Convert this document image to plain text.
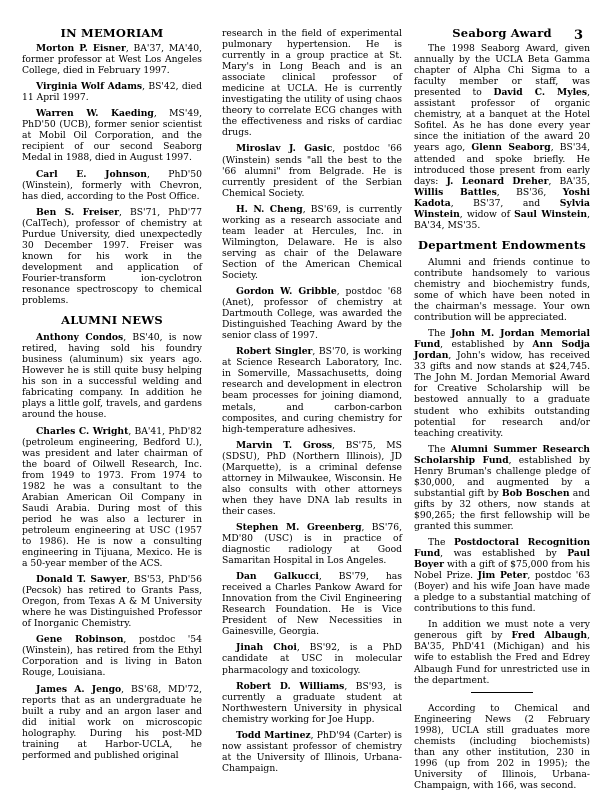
3
IN MEMORIAM

Morton P. Eisner, BA'37, MA'40, former professor at West Los Angeles College, died in February 1997.

Virginia Wolf Adams, BS'42, died 11 April 1997.

Warren W. Kaeding, MS'49, PhD'50 (UCB), former senior scientist at Mobil Oil Corporation, and the recipient of our second Seaborg Medal in 1988, died in August 1997.

Carl E. Johnson, PhD'50 (Winstein), formerly with Chevron, has died, according to the Post Office.

Ben S. Freiser, BS'71, PhD'77 (CalTech), professor of chemistry at Purdue University, died unexpectedly 30 December 1997. Freiser was known for his work in the development and application of Fourier-transform ion-cyclotron resonance spectroscopy to chemical problems.

ALUMNI NEWS

Anthony Condos, BS'40, is now retired, having sold his foundry business (aluminum) six years ago. However he is still quite busy helping his son in a successful welding and fabricating company. In addition he plays a little golf, travels, and gardens around the house.

Charles C. Wright, BA'41, PhD'82 (petroleum engineering, Bedford U.), was president and later chairman of the board of Oilwell Research, Inc. from 1949 to 1973. From 1974 to 1982 he was a consultant to the Arabian American Oil Company in Saudi Arabia. During most of this period he was also a lecturer in petroleum engineering at USC (1957 to 1986). He is now a consulting engineering in Tijuana, Mexico. He is a 50-year member of the ACS.

Donald T. Sawyer, BS'53, PhD'56 (Pecsok) has retired to Grants Pass, Oregon, from Texas A & M University where he was Distinguished Professor of Inorganic Chemistry.

Gene Robinson, postdoc '54 (Winstein), has retired from the Ethyl Corporation and is living in Baton Rouge, Louisiana.

James A. Jengo, BS'68, MD'72, reports that as an undergraduate he built a ruby and an argon laser and did initial work on microscopic holography. During his post-MD training at Harbor-UCLA, he performed and published original

research in the field of experimental pulmonary hypertension. He is currently in a group practice at St. Mary's in Long Beach and is an associate clinical professor of medicine at UCLA. He is currently investigating the utility of using chaos theory to correlate ECG changes with the effectiveness and risks of cardiac drugs.

Miroslav J. Gasic, postdoc '66 (Winstein) sends "all the best to the '66 alumni" from Belgrade. He is currently president of the Serbian Chemical Society.

H. N. Cheng, BS'69, is currently working as a research associate and team leader at Hercules, Inc. in Wilmington, Delaware. He is also serving as chair of the Delaware Section of the American Chemical Society.

Gordon W. Gribble, postdoc '68 (Anet), professor of chemistry at Dartmouth College, was awarded the Distinguished Teaching Award by the senior class of 1997.

Robert Singler, BS'70, is working at Science Research Laboratory, Inc. in Somerville, Massachusetts, doing research and development in electron beam processes for joining diamond, metals, and carbon-carbon composites, and curing chemistry for high-temperature adhesives.

Marvin T. Gross, BS'75, MS (SDSU), PhD (Northern Illinois), JD (Marquette), is a criminal defense attorney in Milwaukee, Wisconsin. He also consults with other attorneys when they have DNA lab results in their cases.

Stephen M. Greenberg, BS'76, MD'80 (USC) is in practice of diagnostic radiology at Good Samaritan Hospital in Los Angeles.

Dan Galkucci, BS'79, has received a Charles Pankow Award for Innovation from the Civil Engineering Research Foundation. He is Vice President of New Necessities in Gainesville, Georgia.

Jinah Choi, BS'92, is a PhD candidate at USC in molecular pharmacology and toxicology.

Robert D. Williams, BS'93, is currently a graduate student at Northwestern University in physical chemistry working for Joe Hupp.

Todd Martinez, PhD'94 (Carter) is now assistant professor of chemistry at the University of Illinois, Urbana-Champaign.

Seaborg Award

The 1998 Seaborg Award, given annually by the UCLA Beta Gamma chapter of Alpha Chi Sigma to a faculty member or staff, was presented to David C. Myles, assistant professor of organic chemistry, at a banquet at the Hotel Sofitel. As he has done every year since the initiation of the award 20 years ago, Glenn Seaborg, BS'34, attended and spoke briefly. He introduced those present from early days: J. Leonard Dreher, BA'35, Willis Battles, BS'36, Yoshi Kadota, BS'37, and Sylvia Winstein, widow of Saul Winstein, BA'34, MS'35.

Department Endowments

Alumni and friends continue to contribute handsomely to various chemistry and biochemistry funds, some of which have been noted in the chairman's message. Your own contribution will be appreciated.

The John M. Jordan Memorial Fund, established by Ann Sodja Jordan, John's widow, has received 33 gifts and now stands at $24,745. The John M. Jordan Memorial Award for Creative Scholarship will be bestowed annually to a graduate student who exhibits outstanding potential for research and/or teaching creativity.

The Alumni Summer Research Scholarship Fund, established by Henry Bruman's challenge pledge of $30,000, and augmented by a substantial gift by Bob Boschen and gifts by 32 others, now stands at $90,265; the first fellowship will be granted this summer.

The Postdoctoral Recognition Fund, was established by Paul Boyer with a gift of $75,000 from his Nobel Prize. Jim Peter, postdoc '63 (Boyer) and his wife Joan have made a pledge to a substantial matching of contributions to this fund.

In addition we must note a very generous gift by Fred Albaugh, BA'35, PhD'41 (Michigan) and his wife to establish the Fred and Edrey Albaugh Fund for unrestricted use in the department.

According to Chemical and Engineering News (2 February 1998), UCLA still graduates more chemists (including biochemists) than any other institution, 230 in 1996 (up from 202 in 1995); the University of Illinois, Urbana-Champaign, with 166, was second.
